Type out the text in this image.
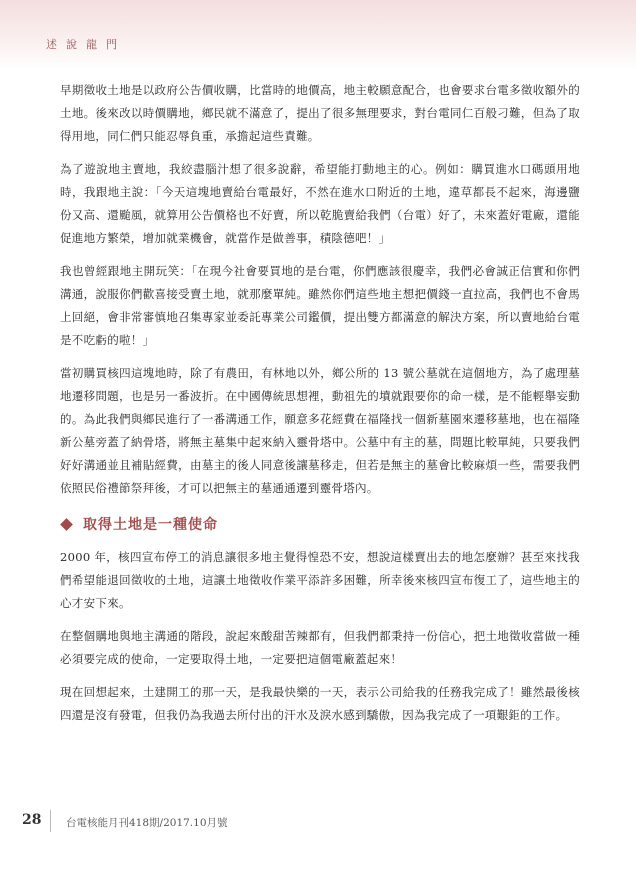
述說龍門

早期徵收土地是以政府公告價收購，比當時的地價高，地主較願意配合，也會要求台電多徵收額外的土地。後來改以時價購地，鄉民就不滿意了，提出了很多無理要求，對台電同仁百般刁難，但為了取得用地，同仁們只能忍辱負重，承擔起這些責難。

為了遊說地主賣地，我絞盡腦汁想了很多說辭，希望能打動地主的心。例如：購買進水口碼頭用地時，我跟地主說：「今天這塊地賣給台電最好，不然在進水口附近的土地，違草都長不起來，海邊鹽份又高、還颱風，就算用公告價格也不好賣，所以乾脆賣給我們（台電）好了，未來蓋好電廠，還能促進地方繁榮，增加就業機會，就當作是做善事，積陰德吧！」

我也曾經跟地主開玩笑：「在現今社會要買地的是台電，你們應該很慶幸，我們必會誠正信實和你們溝通，說服你們歡喜接受賣土地，就那麼單純。雖然你們這些地主想把價錢一直拉高，我們也不會馬上回絕，會非常審慎地召集專家並委託專業公司鑑價，提出雙方都滿意的解決方案，所以賣地給台電是不吃虧的啦！」

當初購買核四這塊地時，除了有農田，有林地以外，鄉公所的 13 號公墓就在這個地方，為了處理墓地遷移問題，也是另一番波折。在中國傳統思想裡，動祖先的墳就跟要你的命一樣，是不能輕舉妄動的。為此我們與鄉民進行了一番溝通工作，願意多花經費在福隆找一個新墓園來遷移墓地，也在福隆新公墓旁蓋了納骨塔，將無主墓集中起來納入靈骨塔中。公墓中有主的墓，問題比較單純，只要我們好好溝通並且補貼經費，由墓主的後人同意後讓墓移走，但若是無主的墓會比較麻煩一些，需要我們依照民俗禮節祭拜後，才可以把無主的墓通通遷到靈骨塔內。

取得土地是一種使命

2000 年，核四宣布停工的消息讓很多地主覺得惶恐不安，想說這樣賣出去的地怎麼辦？甚至來找我們希望能退回徵收的土地，這讓土地徵收作業平添許多困難，所幸後來核四宣布復工了，這些地主的心才安下來。

在整個購地與地主溝通的階段，說起來酸甜苦辣都有，但我們都秉持一份信心，把土地徵收當做一種必須要完成的使命，一定要取得土地，一定要把這個電廠蓋起來！

現在回想起來，土建開工的那一天，是我最快樂的一天，表示公司給我的任務我完成了！雖然最後核四還是沒有發電，但我仍為我過去所付出的汗水及淚水感到驕傲，因為我完成了一項艱鉅的工作。

28 台電核能月刊418期/2017.10月號
